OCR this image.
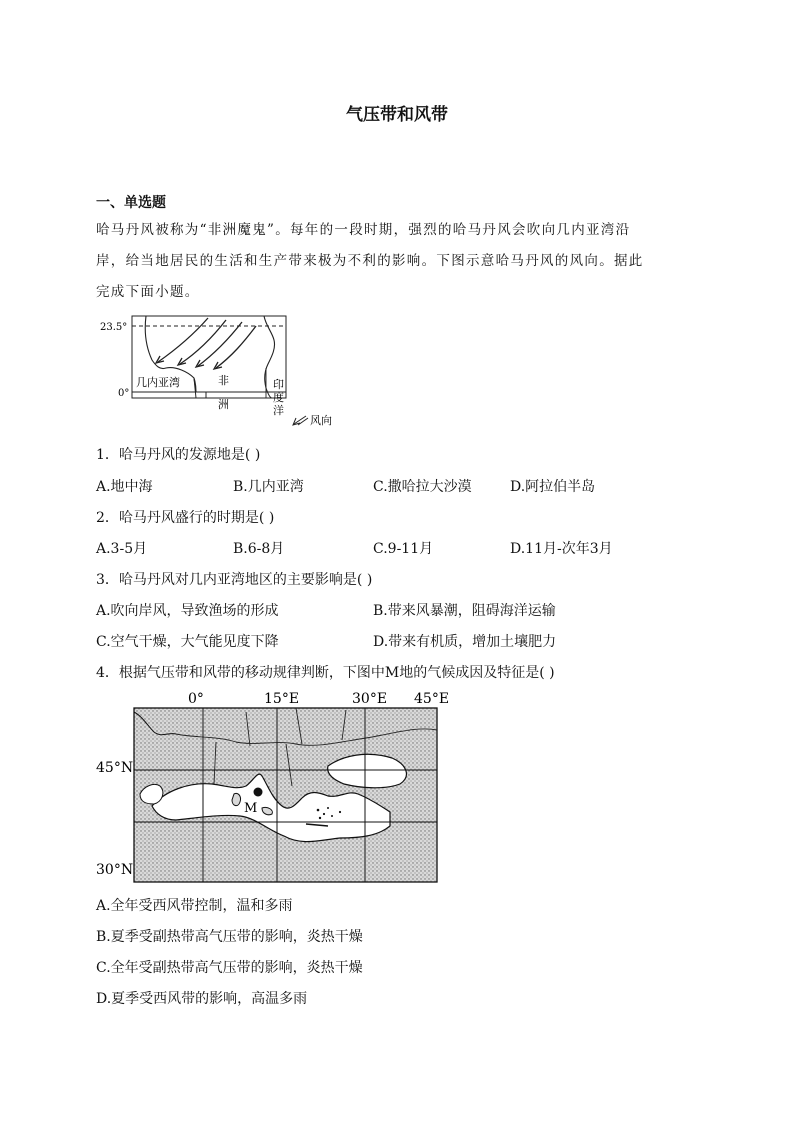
气压带和风带
一、单选题
哈马丹风被称为“非洲魔鬼”。每年的一段时期，强烈的哈马丹风会吹向几内亚湾沿
岸，给当地居民的生活和生产带来极为不利的影响。下图示意哈马丹风的风向。据此
完成下面小题。
23.5°
0°
几内亚湾	非
洲
印
度
洋
风向
1．哈马丹风的发源地是( )
A.地中海	B.几内亚湾	C.撒哈拉大沙漠	D.阿拉伯半岛
2．哈马丹风盛行的时期是( )
A.3-5月	B.6-8月	C.9-11月	D.11月-次年3月
3．哈马丹风对几内亚湾地区的主要影响是( )
A.吹向岸风，导致渔场的形成	B.带来风暴潮，阻碍海洋运输
C.空气干燥，大气能见度下降	D.带来有机质，增加土壤肥力
4．根据气压带和风带的移动规律判断，下图中M地的气候成因及特征是( )
0°	15°E	30°E 45°E
45°N
30°N
M
A.全年受西风带控制，温和多雨
B.夏季受副热带高气压带的影响，炎热干燥
C.全年受副热带高气压带的影响，炎热干燥
D.夏季受西风带的影响，高温多雨
